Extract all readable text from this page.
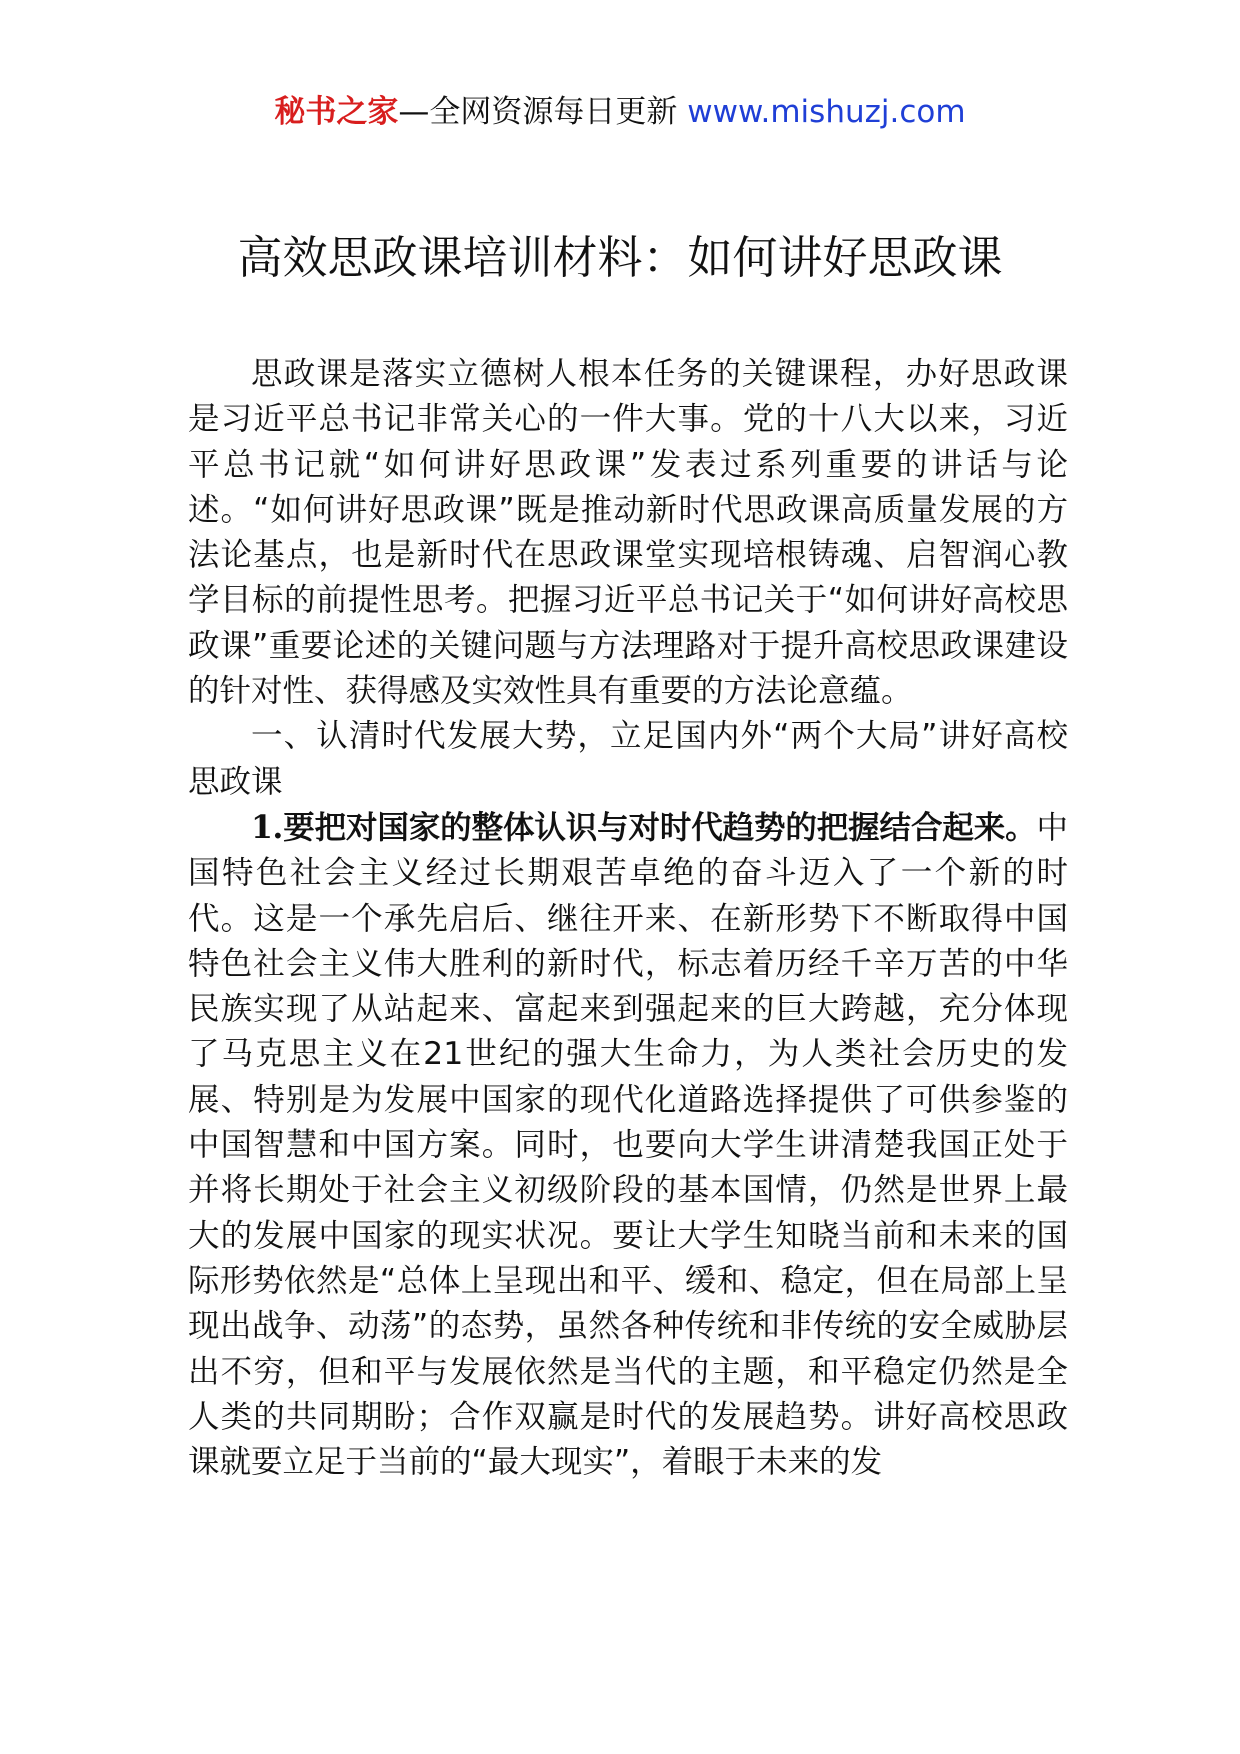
秘书之家—全网资源每日更新 www.mishuzj.com
高效思政课培训材料：如何讲好思政课

思政课是落实立德树人根本任务的关键课程，办好思政课是习近平总书记非常关心的一件大事。党的十八大以来，习近平总书记就“如何讲好思政课”发表过系列重要的讲话与论述。“如何讲好思政课”既是推动新时代思政课高质量发展的方法论基点，也是新时代在思政课堂实现培根铸魂、启智润心教学目标的前提性思考。把握习近平总书记关于“如何讲好高校思政课”重要论述的关键问题与方法理路对于提升高校思政课建设的针对性、获得感及实效性具有重要的方法论意蕴。

一、认清时代发展大势，立足国内外“两个大局”讲好高校思政课

1.要把对国家的整体认识与对时代趋势的把握结合起来。中国特色社会主义经过长期艰苦卓绝的奋斗迈入了一个新的时代。这是一个承先启后、继往开来、在新形势下不断取得中国特色社会主义伟大胜利的新时代，标志着历经千辛万苦的中华民族实现了从站起来、富起来到强起来的巨大跨越，充分体现了马克思主义在21世纪的强大生命力，为人类社会历史的发展、特别是为发展中国家的现代化道路选择提供了可供参鉴的中国智慧和中国方案。同时，也要向大学生讲清楚我国正处于并将长期处于社会主义初级阶段的基本国情，仍然是世界上最大的发展中国家的现实状况。要让大学生知晓当前和未来的国际形势依然是“总体上呈现出和平、缓和、稳定，但在局部上呈现出战争、动荡”的态势，虽然各种传统和非传统的安全威胁层出不穷，但和平与发展依然是当代的主题，和平稳定仍然是全人类的共同期盼；合作双赢是时代的发展趋势。讲好高校思政课就要立足于当前的“最大现实”，着眼于未来的发
